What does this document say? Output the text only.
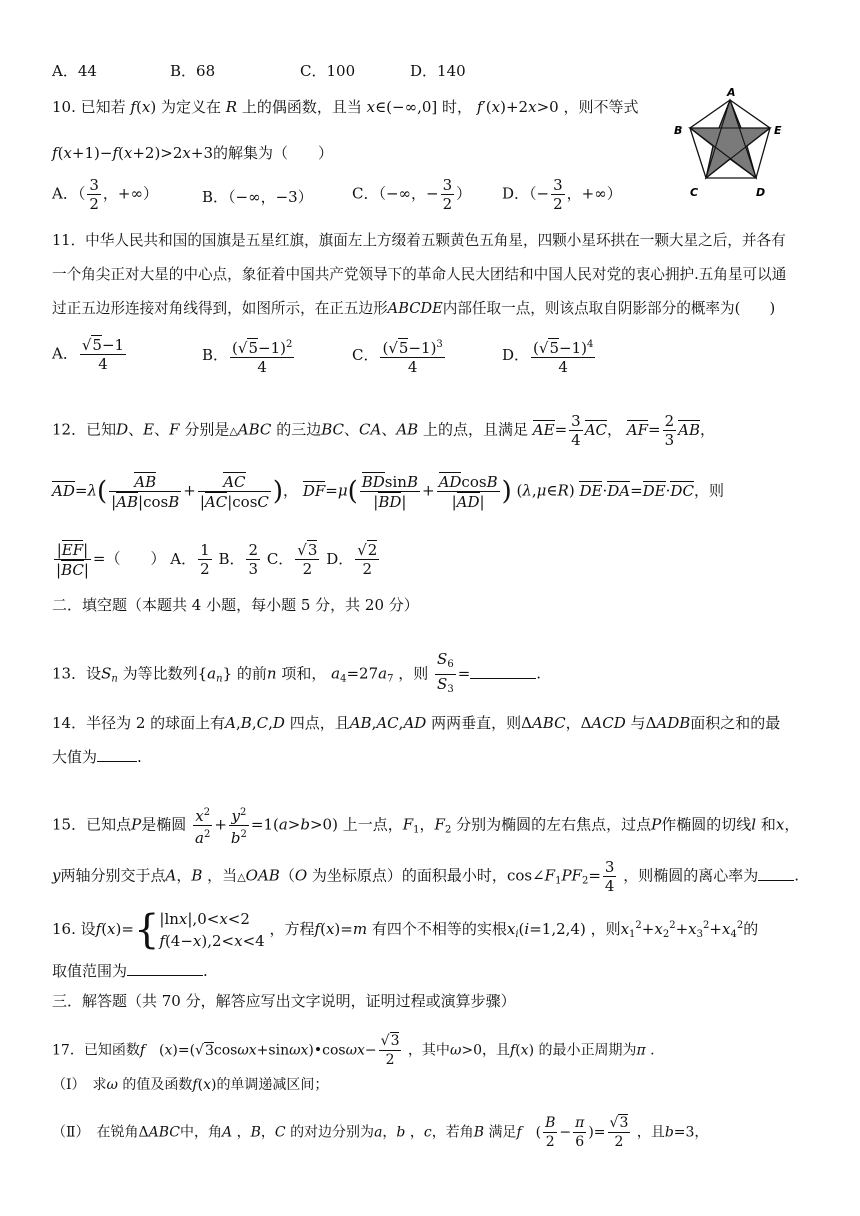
A．44	B．68	C．100	D．140
10. 已知若 f(x) 为定义在 R 上的偶函数，且当 x∈(−∞,0] 时， f′(x)+2x>0 ，则不等式
A
B	E
C	D
f(x+1)−f(x+2)>2x+3的解集为（　　）
A．（ $\frac{3}{2}$ ，+∞）	B．（−∞，−3）	C．（−∞，− $\frac{3}{2}$ ） D．（− $\frac{3}{2}$ ，+∞）
11．中华人民共和国的国旗是五星红旗，旗面左上方缀着五颗黄色五角星，四颗小星环拱在一颗大星之后，并各有
一个角尖正对大星的中心点，象征着中国共产党领导下的革命人民大团结和中国人民对党的衷心拥护.五角星可以通
过正五边形连接对角线得到，如图所示，在正五边形ABCDE内部任取一点，则该点取自阴影部分的概率为(　　)
A． $\frac{√5-1}{4}$	B． $\frac{(√5-1)^2}{4}$	C． $\frac{(√5-1)^3}{4}$	D． $\frac{(√5-1)^4}{4}$
12．已知D、E、F 分别是△ABC 的三边BC、CA、AB 上的点，且满足 $AE= \frac{3}{4}$ AC， $AF= \frac{2}{3}$ AB，
$AD=\lambda( \frac{AB}{|AB|\cos B} + \frac{AC}{|AC|\cos C}$ )， $DF=\mu( \frac{BDsinB}{|BD|} + \frac{ADcosB}{|AD|}$ ) (λ,μ∈R) DE·DA=DE·DC，则
$\frac{|EF|}{|BC|}$ =（　　） A． $\frac{1}{2}$ B． $\frac{2}{3}$ C． $\frac{√3}{2}$ D． $\frac{√2}{2}$
二．填空题（本题共 4 小题，每小题 5 分，共 20 分）
13．设$S_n$ 为等比数列$\{a_n\}$ 的前n 项和， $a_4=27a_7$ ，则 $\frac{S_6}{S_3}$ =	.
14．半径为 2 的球面上有A,B,C,D 四点，且AB,AC,AD 两两垂直，则ΔABC，ΔACD 与ΔADB面积之和的最
大值为	.
15．已知点P是椭圆 $\frac{x^2}{a^2} + \frac{y^2}{b^2} =1(a>b>0)$ 上一点，$F_1$，$F_2$ 分别为椭圆的左右焦点，过点P作椭圆的切线l 和x，
y两轴分别交于点A，B ，当△OAB（O 为坐标原点）的面积最小时，$\cos\angle F_1PF_2= \frac{3}{4}$ ，则椭圆的离心率为 .
16. 设f(x)={ |lnx|,0<x<2
f(4−x),2<x<4
，方程f(x)=m 有四个不相等的实根$x_i(i=1,2,4)$ ，则$x_1^2+x_2^2+x_3^2+x_4^2$的
取值范围为	.
三．解答题（共 70 分，解答应写出文字说明，证明过程或演算步骤）
17．已知函数f　(x)=(√3cosωx+sinωx)•cosωx− $\frac{√3}{2}$ ，其中ω>0，且f(x) 的最小正周期为π .
（Ⅰ）　求ω 的值及函数f(x)的单调递减区间；
（Ⅱ）　在锐角ΔABC中，角A ，B，C 的对边分别为a，b ，c，若角B 满足f　( $\frac{B}{2} - \frac{\pi}{6}$ )= $\frac{√3}{2}$ ，且b=3，
